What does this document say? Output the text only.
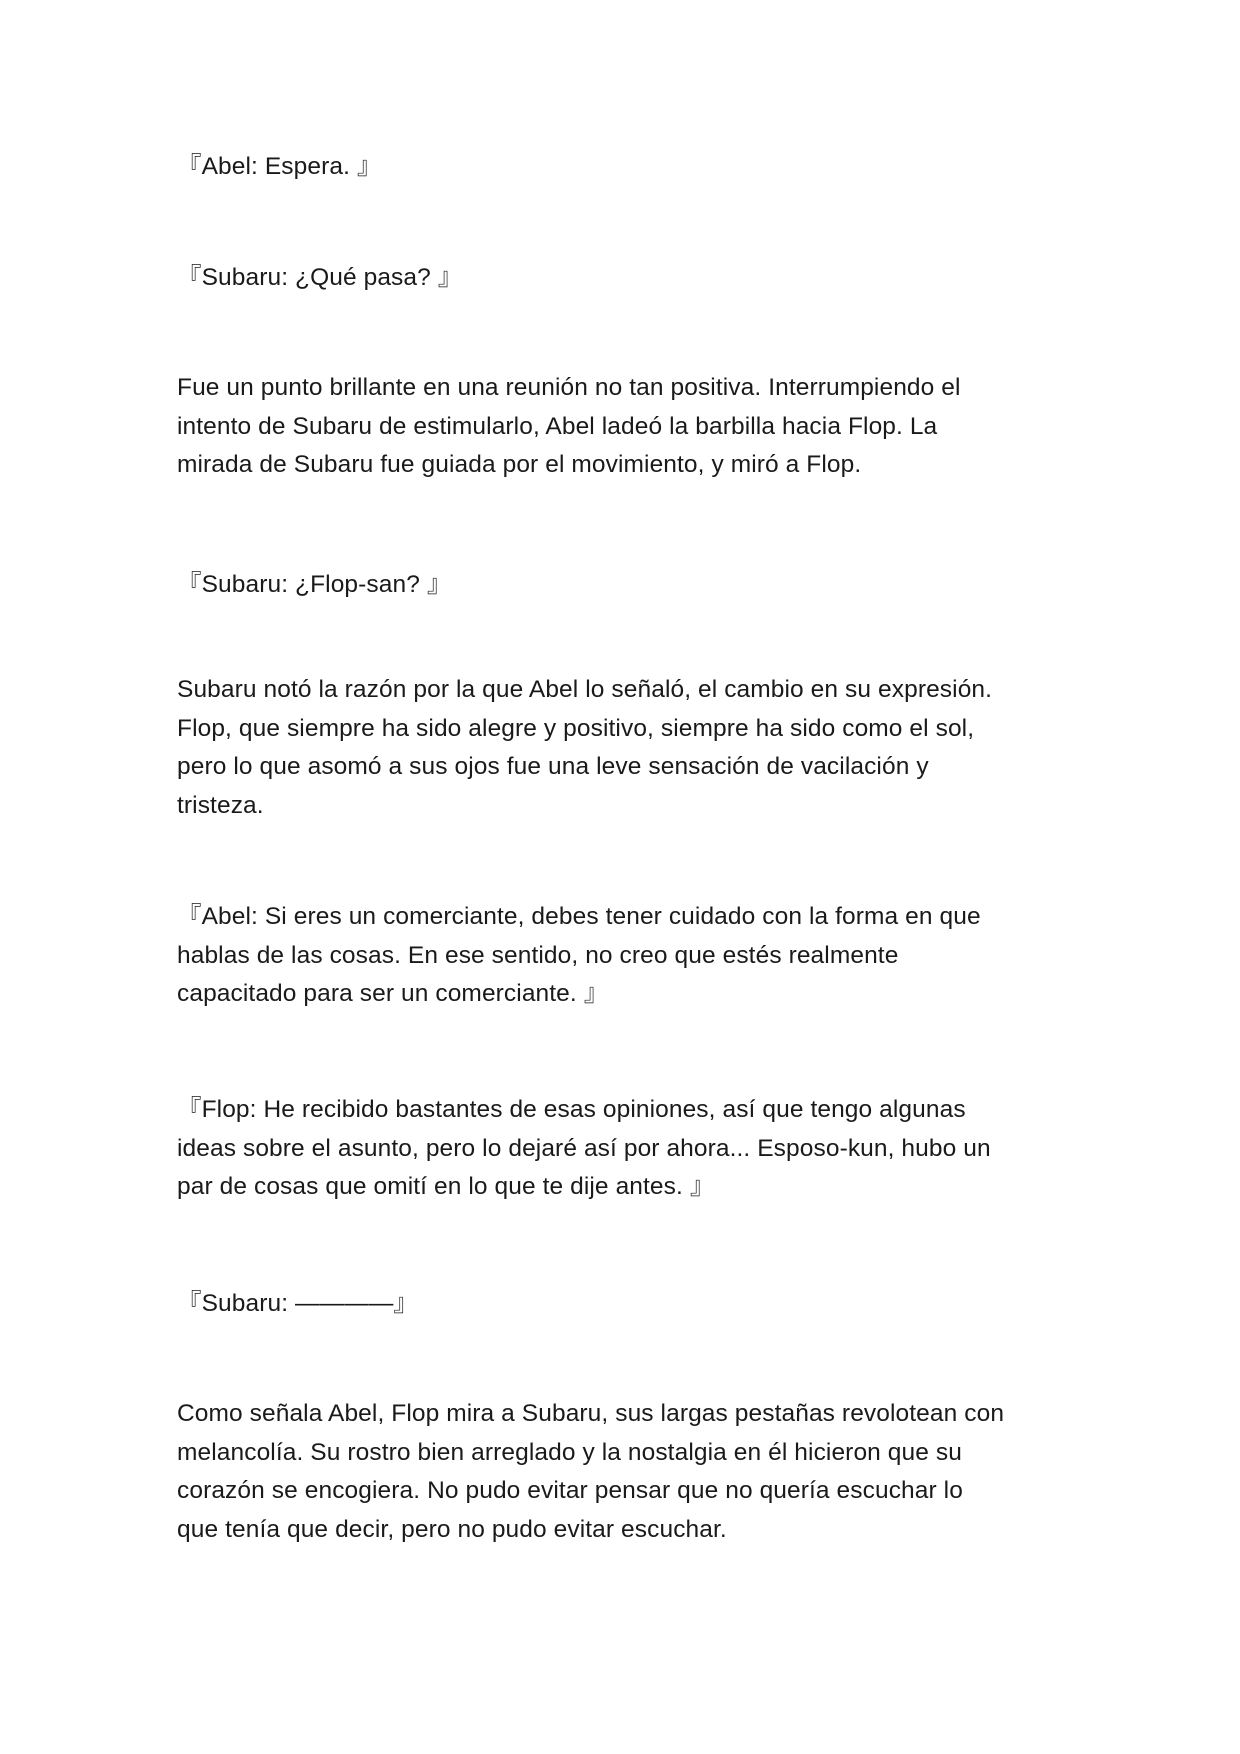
『Abel: Espera. 』
『Subaru: ¿Qué pasa? 』
Fue un punto brillante en una reunión no tan positiva. Interrumpiendo el
intento de Subaru de estimularlo, Abel ladeó la barbilla hacia Flop. La
mirada de Subaru fue guiada por el movimiento, y miró a Flop.
『Subaru: ¿Flop-san? 』
Subaru notó la razón por la que Abel lo señaló, el cambio en su expresión.
Flop, que siempre ha sido alegre y positivo, siempre ha sido como el sol,
pero lo que asomó a sus ojos fue una leve sensación de vacilación y
tristeza.
『Abel: Si eres un comerciante, debes tener cuidado con la forma en que
hablas de las cosas. En ese sentido, no creo que estés realmente
capacitado para ser un comerciante. 』
『Flop: He recibido bastantes de esas opiniones, así que tengo algunas
ideas sobre el asunto, pero lo dejaré así por ahora... Esposo-kun, hubo un
par de cosas que omití en lo que te dije antes. 』
『Subaru: ————』
Como señala Abel, Flop mira a Subaru, sus largas pestañas revolotean con
melancolía. Su rostro bien arreglado y la nostalgia en él hicieron que su
corazón se encogiera. No pudo evitar pensar que no quería escuchar lo
que tenía que decir, pero no pudo evitar escuchar.
